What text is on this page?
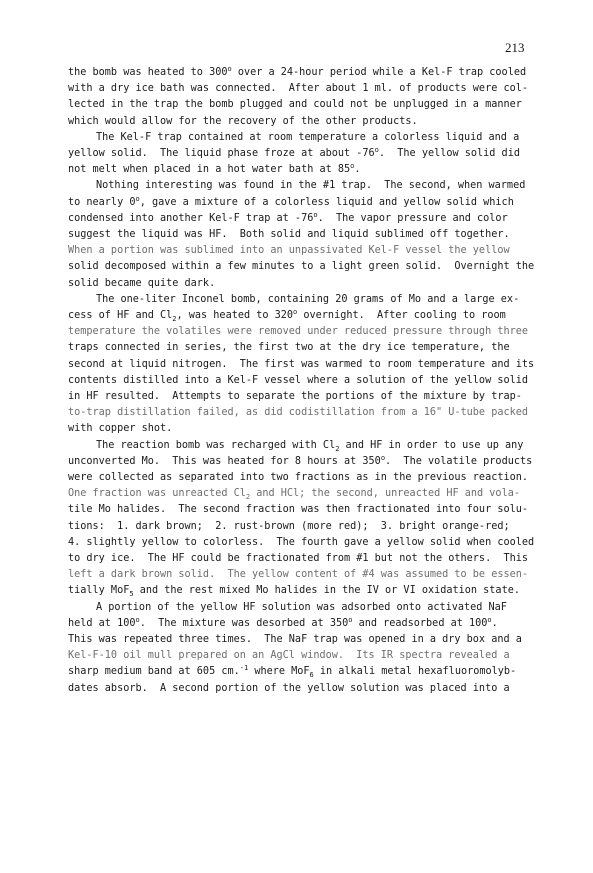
213
the bomb was heated to 300$^o$ over a 24-hour period while a Kel-F trap cooled
with a dry ice bath was connected.  After about 1 ml. of products were col-
lected in the trap the bomb plugged and could not be unplugged in a manner
which would allow for the recovery of the other products.
The Kel-F trap contained at room temperature a colorless liquid and a
yellow solid.  The liquid phase froze at about -76$^o$.  The yellow solid did
not melt when placed in a hot water bath at 85$^o$.
Nothing interesting was found in the #1 trap.  The second, when warmed
to nearly 0$^o$, gave a mixture of a colorless liquid and yellow solid which
condensed into another Kel-F trap at -76$^o$.  The vapor pressure and color
suggest the liquid was HF.  Both solid and liquid sublimed off together.
When a portion was sublimed into an unpassivated Kel-F vessel the yellow
solid decomposed within a few minutes to a light green solid.  Overnight the
solid became quite dark.
The one-liter Inconel bomb, containing 20 grams of Mo and a large ex-
cess of HF and $Cl_2$, was heated to 320$^o$ overnight.  After cooling to room
temperature the volatiles were removed under reduced pressure through three
traps connected in series, the first two at the dry ice temperature, the
second at liquid nitrogen.  The first was warmed to room temperature and its
contents distilled into a Kel-F vessel where a solution of the yellow solid
in HF resulted.  Attempts to separate the portions of the mixture by trap-
to-trap distillation failed, as did codistillation from a 16" U-tube packed
with copper shot.
The reaction bomb was recharged with $Cl_2$ and HF in order to use up any
unconverted Mo.  This was heated for 8 hours at 350$^o$.  The volatile products
were collected as separated into two fractions as in the previous reaction.
One fraction was unreacted $Cl_2$ and HCl; the second, unreacted HF and vola-
tile Mo halides.  The second fraction was then fractionated into four solu-
tions:  1. dark brown;  2. rust-brown (more red);  3. bright orange-red;
4. slightly yellow to colorless.  The fourth gave a yellow solid when cooled
to dry ice.  The HF could be fractionated from #1 but not the others.  This
left a dark brown solid.  The yellow content of #4 was assumed to be essen-
tially MoF$_5$ and the rest mixed Mo halides in the IV or VI oxidation state.
A portion of the yellow HF solution was adsorbed onto activated NaF
held at 100$^o$.  The mixture was desorbed at 350$^o$ and readsorbed at 100$^o$.
This was repeated three times.  The NaF trap was opened in a dry box and a
Kel-F-10 oil mull prepared on an AgCl window.  Its IR spectra revealed a
sharp medium band at 605 cm.$^{-1}$ where MoF$_6$ in alkali metal hexafluoromolyb-
dates absorb.  A second portion of the yellow solution was placed into a
